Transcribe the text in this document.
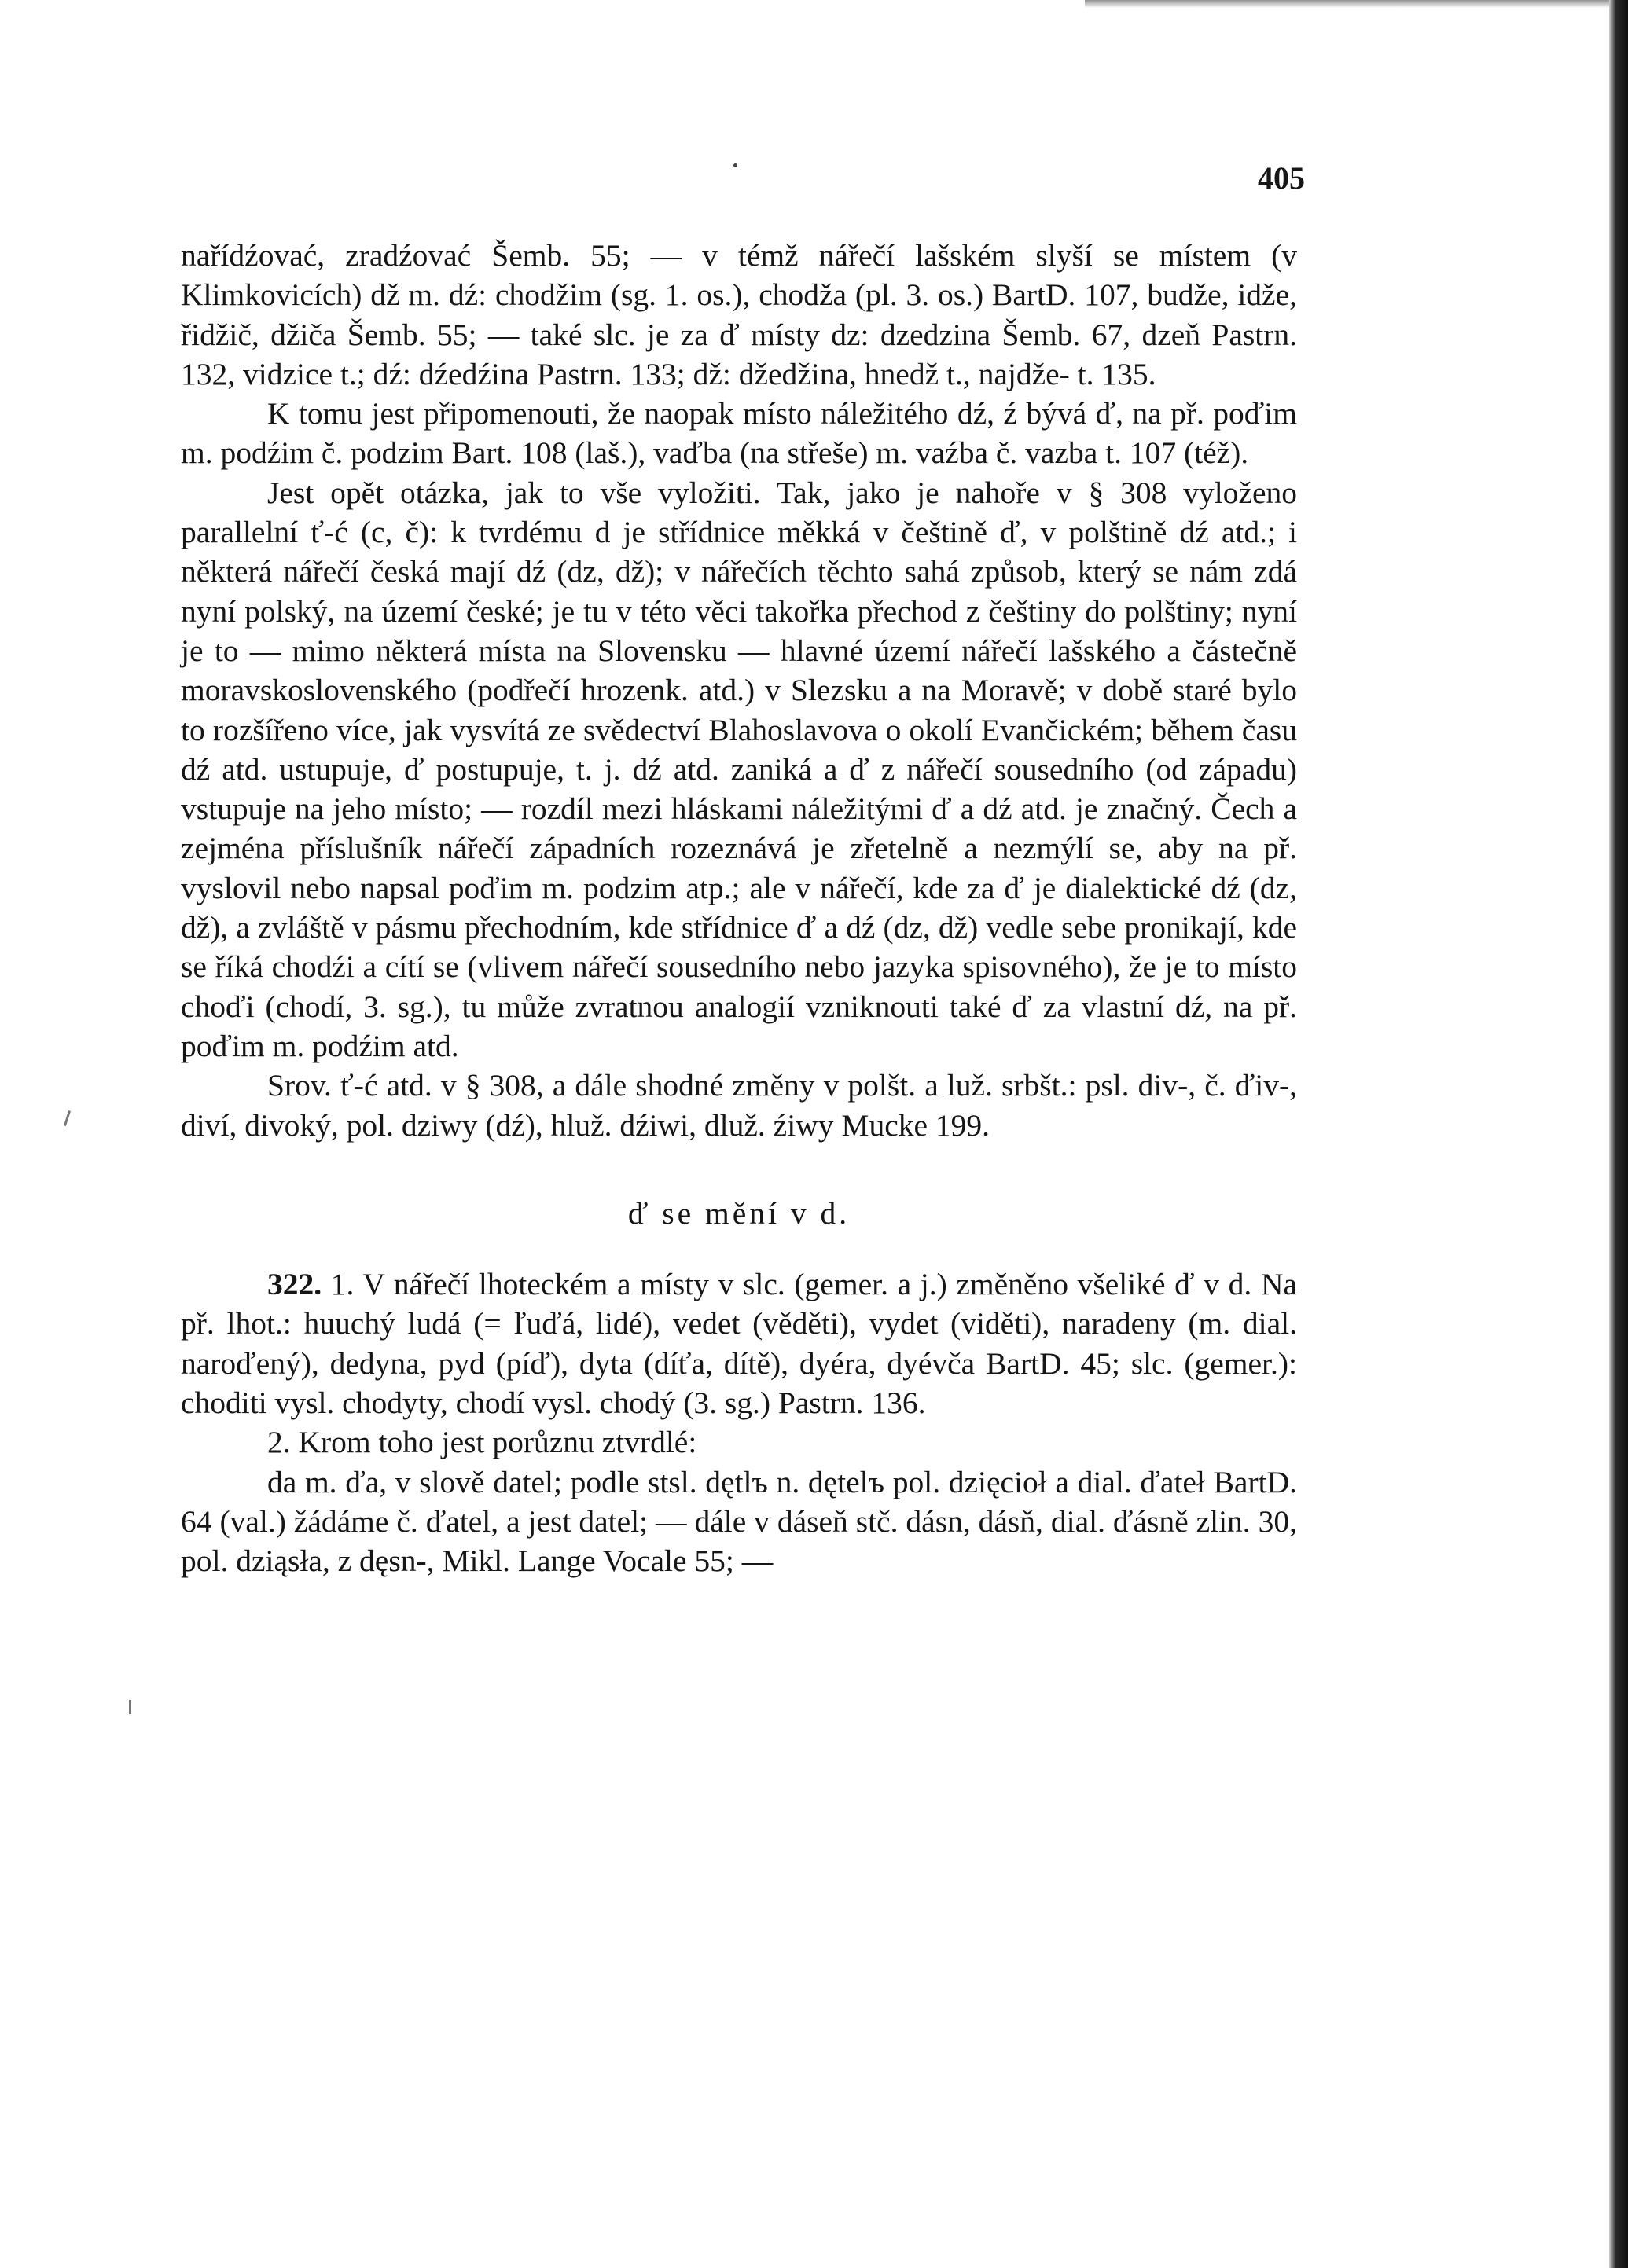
405

nařídźovać, zradźovać Šemb. 55; — v témž nářečí lašském slyší se místem (v Klimkovicích) dž m. dź: chodžim (sg. 1. os.), chodža (pl. 3. os.) BartD. 107, budže, idže, řidžič, džiča Šemb. 55; — také slc. je za ď místy dz: dzedzina Šemb. 67, dzeň Pastrn. 132, vidzice t.; dź: dźedźina Pastrn. 133; dž: džedžina, hnedž t., najdže- t. 135.

K tomu jest připomenouti, že naopak místo náležitého dź, ź bývá ď, na př. poďim m. podźim č. podzim Bart. 108 (laš.), vaďba (na střeše) m. vaźba č. vazba t. 107 (též).

Jest opět otázka, jak to vše vyložiti. Tak, jako je nahoře v § 308 vyloženo parallelní ť-ć (c, č): k tvrdému d je střídnice měkká v češtině ď, v polštině dź atd.; i některá nářečí česká mají dź (dz, dž); v nářečích těchto sahá způsob, který se nám zdá nyní polský, na území české; je tu v této věci takořka přechod z češtiny do polštiny; nyní je to — mimo některá místa na Slovensku — hlavné území nářečí lašského a částečně moravskoslovenského (podřečí hrozenk. atd.) v Slezsku a na Moravě; v době staré bylo to rozšířeno více, jak vysvítá ze svědectví Blahoslavova o okolí Evančickém; během času dź atd. ustupuje, ď postupuje, t. j. dź atd. zaniká a ď z nářečí sousedního (od západu) vstupuje na jeho místo; — rozdíl mezi hláskami náležitými ď a dź atd. je značný. Čech a zejména příslušník nářečí západních rozeznává je zřetelně a nezmýlí se, aby na př. vyslovil nebo napsal poďim m. podzim atp.; ale v nářečí, kde za ď je dialektické dź (dz, dž), a zvláště v pásmu přechodním, kde střídnice ď a dź (dz, dž) vedle sebe pronikají, kde se říká chodźi a cítí se (vlivem nářečí sousedního nebo jazyka spisovného), že je to místo choďi (chodí, 3. sg.), tu může zvratnou analogií vzniknouti také ď za vlastní dź, na př. poďim m. podźim atd.

Srov. ť-ć atd. v § 308, a dále shodné změny v polšt. a luž. srbšt.: psl. div-, č. ďiv-, diví, divoký, pol. dziwy (dź), hluž. dźiwi, dluž. źiwy Mucke 199.

ď se mění v d.

322. 1. V nářečí lhoteckém a místy v slc. (gemer. a j.) změněno všeliké ď v d. Na př. lhot.: huuchý ludá (= ľuďá, lidé), vedet (věděti), vydet (viděti), naradeny (m. dial. naroďený), dedyna, pyd (píď), dyta (díťa, dítě), dyéra, dyévča BartD. 45; slc. (gemer.): choditi vysl. chodyty, chodí vysl. chodý (3. sg.) Pastrn. 136.

2. Krom toho jest porůznu ztvrdlé:

da m. ďa, v slově datel; podle stsl. dętlъ n. dętelъ pol. dzięcioł a dial. ďateł BartD. 64 (val.) žádáme č. ďatel, a jest datel; — dále v dáseň stč. dásn, dásň, dial. ďásně zlin. 30, pol. dziąsła, z dęsn-, Mikl. Lange Vocale 55; —
